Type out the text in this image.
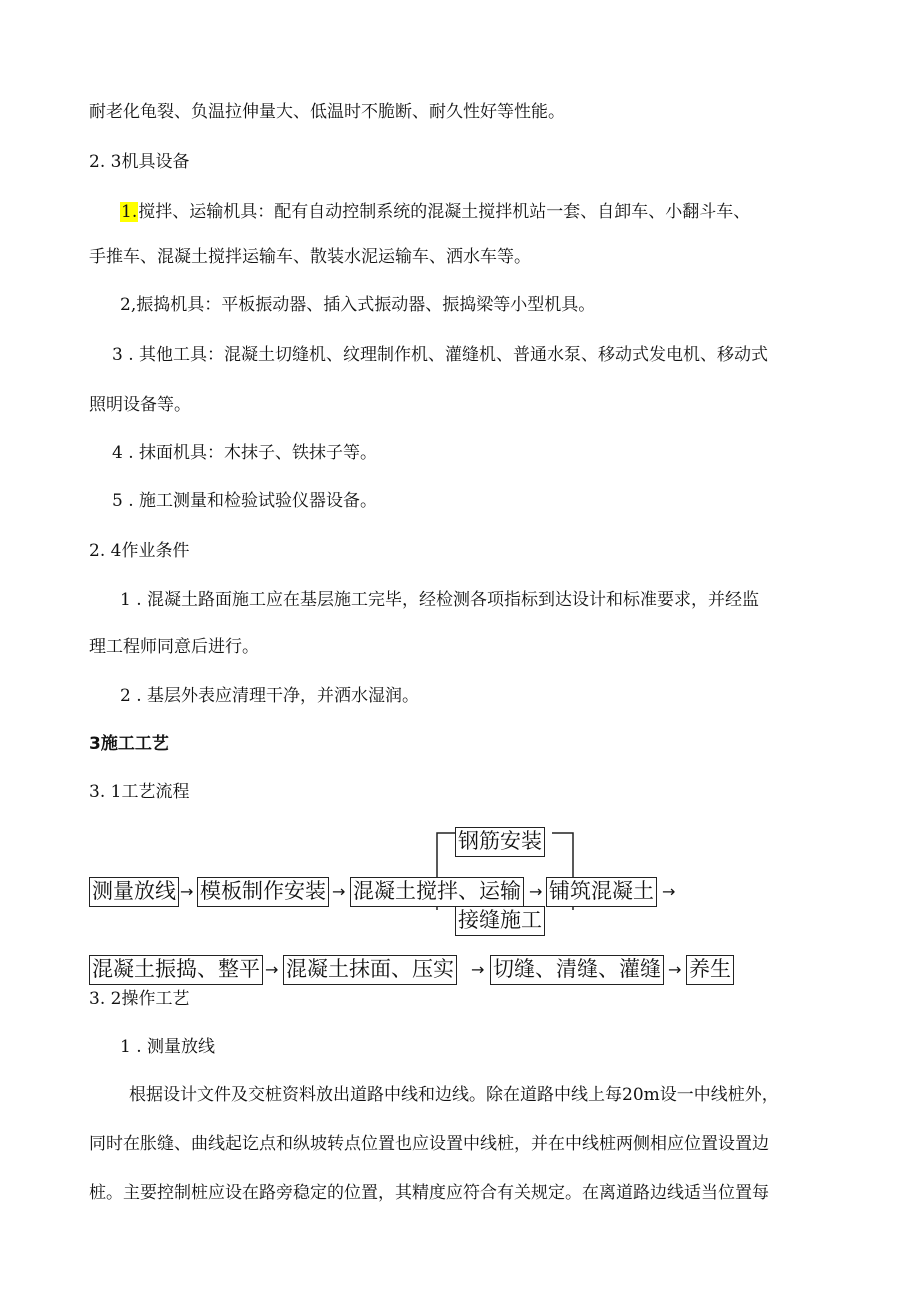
耐老化龟裂、负温拉伸量大、低温时不脆断、耐久性好等性能。
2. 3机具设备
1.搅拌、运输机具：配有自动控制系统的混凝土搅拌机站一套、自卸车、小翻斗车、
手推车、混凝土搅拌运输车、散装水泥运输车、洒水车等。
2,振捣机具：平板振动器、插入式振动器、振捣梁等小型机具。
3 . 其他工具：混凝土切缝机、纹理制作机、灌缝机、普通水泵、移动式发电机、移动式
照明设备等。
4 . 抹面机具：木抹子、铁抹子等。
5 . 施工测量和检验试验仪器设备。
2. 4作业条件
1 . 混凝土路面施工应在基层施工完毕，经检测各项指标到达设计和标准要求，并经监
理工程师同意后进行。
2 . 基层外表应清理干净，并洒水湿润。
3施工工艺
3. 1工艺流程
钢筋安装
测量放线 → 模板制作安装 → 混凝土搅拌、运输 → 铺筑混凝土 →
接缝施工
混凝土振捣、整平 → 混凝土抹面、压实 → 切缝、清缝、灌缝 → 养生
3. 2操作工艺
1 . 测量放线
根据设计文件及交桩资料放出道路中线和边线。除在道路中线上每20m设一中线桩外，
同时在胀缝、曲线起讫点和纵坡转点位置也应设置中线桩，并在中线桩两侧相应位置设置边
桩。主要控制桩应设在路旁稳定的位置，其精度应符合有关规定。在离道路边线适当位置每
